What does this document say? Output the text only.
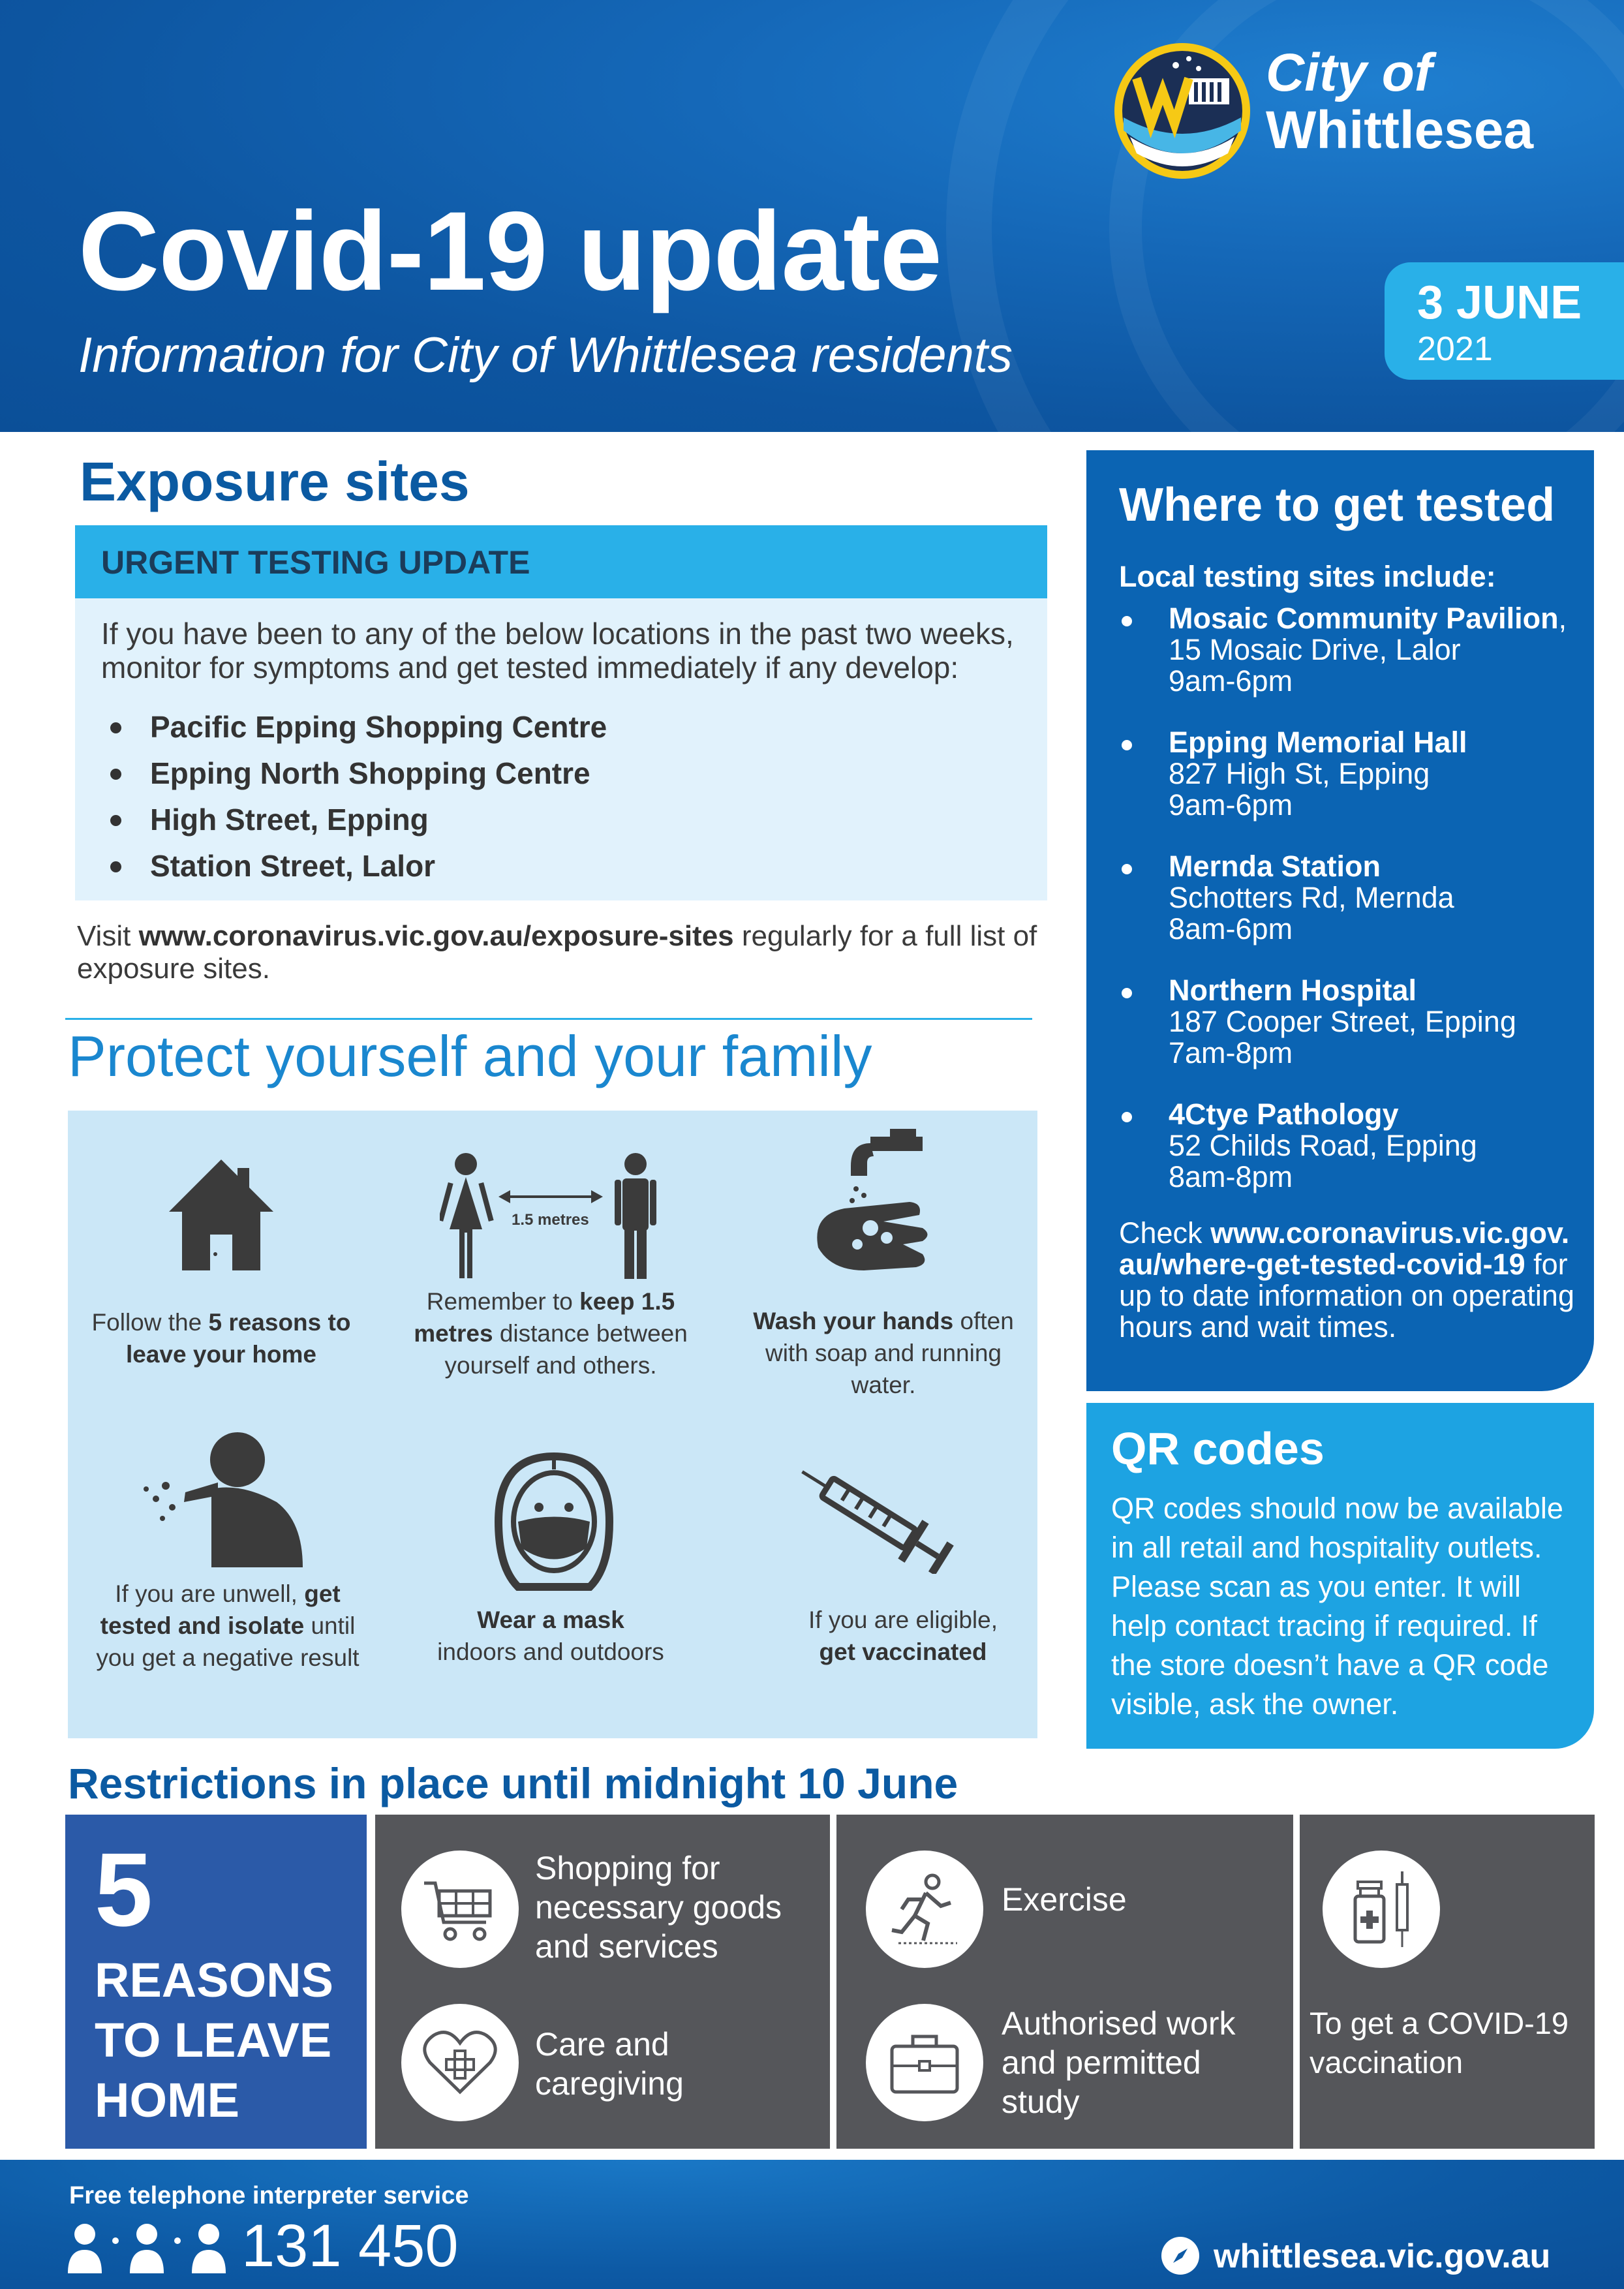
City of
Whittlesea
Covid-19 update
Information for City of Whittlesea residents
3 JUNE
2021
Exposure sites
URGENT TESTING UPDATE

If you have been to any of the below locations in the past two weeks, monitor for symptoms and get tested immediately if any develop:

Pacific Epping Shopping Centre
Epping North Shopping Centre
High Street, Epping
Station Street, Lalor

Visit www.coronavirus.vic.gov.au/exposure-sites regularly for a full list of exposure sites.

Protect yourself and your family
Follow the 5 reasons to leave your home
1.5 metres
Remember to keep 1.5 metres distance between yourself and others.
Wash your hands often with soap and running water.
If you are unwell, get tested and isolate until you get a negative result
Wear a mask
indoors and outdoors
If you are eligible,
get vaccinated
Where to get tested
Local testing sites include:
Mosaic Community Pavilion,
15 Mosaic Drive, Lalor
9am-6pm
Epping Memorial Hall
827 High St, Epping
9am-6pm
Mernda Station
Schotters Rd, Mernda
8am-6pm
Northern Hospital
187 Cooper Street, Epping
7am-8pm
4Ctye Pathology
52 Childs Road, Epping
8am-8pm

Check www.coronavirus.vic.gov.au/where-get-tested-covid-19 for up to date information on operating hours and wait times.

QR codes

QR codes should now be available in all retail and hospitality outlets. Please scan as you enter. It will help contact tracing if required. If the store doesn’t have a QR code visible, ask the owner.

Restrictions in place until midnight 10 June
5
REASONS
TO LEAVE
HOME
Shopping for
necessary goods
and services
Care and
caregiving
Exercise
Authorised work
and permitted
study
To get a COVID-19
vaccination
Free telephone interpreter service
131 450	whittlesea.vic.gov.au
